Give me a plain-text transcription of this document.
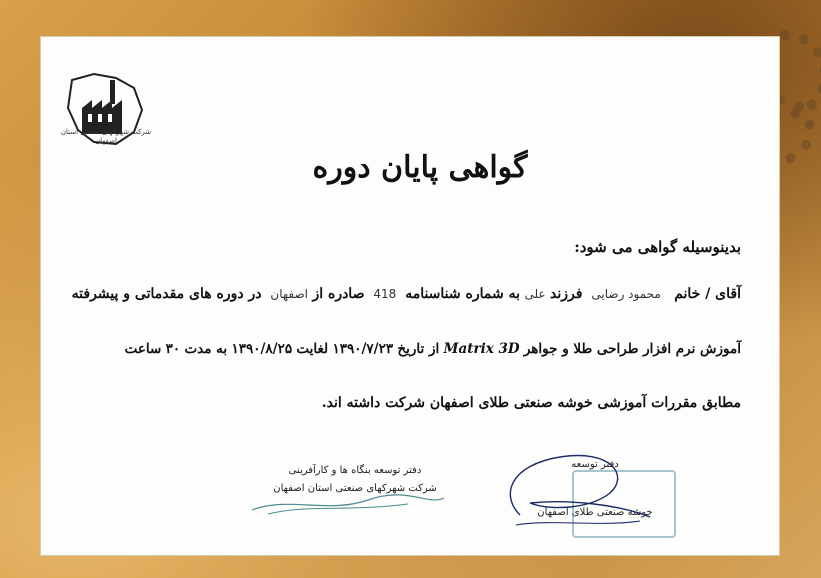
شرکت شهرکهای صنعتی استان اصفهان
گواهی پایان دوره
بدینوسیله گواهی می شود:
آقای / خانم   محمود رضایی  فرزند علی به شماره شناسنامه  418  صادره از اصفهان  در دوره های مقدماتی و پیشرفته
آموزش نرم افزار طراحی طلا و جواهر Matrix 3D از تاریخ ۱۳۹۰/۷/۲۳ لغایت ۱۳۹۰/۸/۲۵ به مدت ۳۰ ساعت
مطابق مقررات آموزشی خوشه صنعتی طلای اصفهان شرکت داشته اند.
دفتر توسعه بنگاه ها و کارآفرینی
شرکت شهرکهای صنعتی استان اصفهان
دفتر توسعه
خوشه صنعتی طلای اصفهان
